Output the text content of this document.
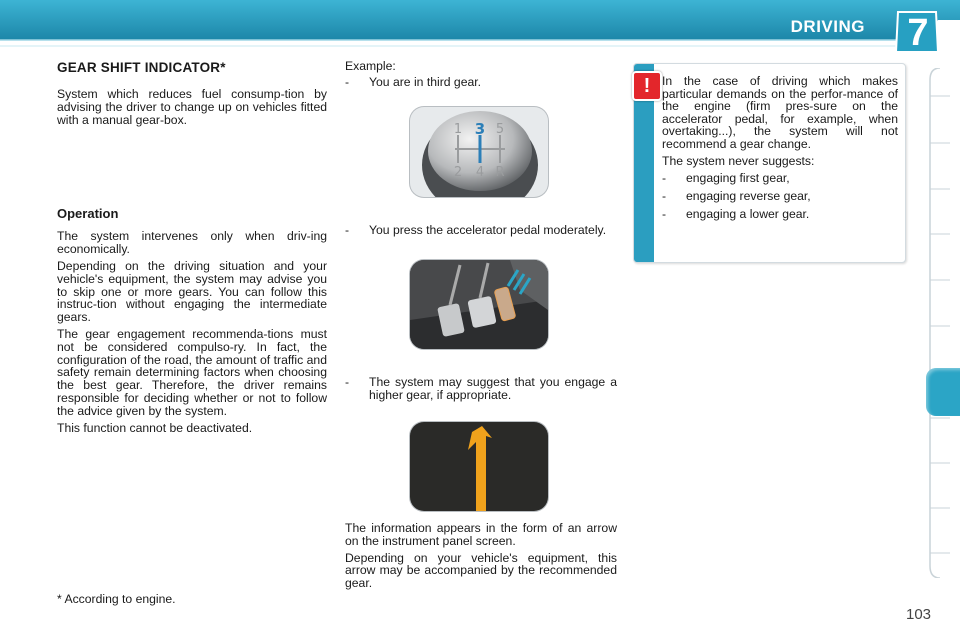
DRIVING 7
GEAR SHIFT INDICATOR*

System which reduces fuel consump-tion by advising the driver to change up on vehicles fitted with a manual gear-box.

Operation

The system intervenes only when driv-ing economically.

Depending on the driving situation and your vehicle's equipment, the system may advise you to skip one or more gears. You can follow this instruc-tion without engaging the intermediate gears.

The gear engagement recommenda-tions must not be considered compulso-ry. In fact, the configuration of the road, the amount of traffic and safety remain determining factors when choosing the best gear. Therefore, the driver remains responsible for deciding whether or not to follow the advice given by the system.

This function cannot be deactivated.

* According to engine.

Example:

- You are in third gear.
- You press the accelerator pedal moderately.
- The system may suggest that you engage a higher gear, if appropriate.

The information appears in the form of an arrow on the instrument panel screen.

Depending on your vehicle's equipment, this arrow may be accompanied by the recommended gear.

1 3 5
2 4 R
! In the case of driving which makes particular demands on the perfor-mance of the engine (firm pres-sure on the accelerator pedal, for example, when overtaking...), the system will not recommend a gear change.

The system never suggests:

- engaging first gear,
- engaging reverse gear,
- engaging a lower gear.
103
